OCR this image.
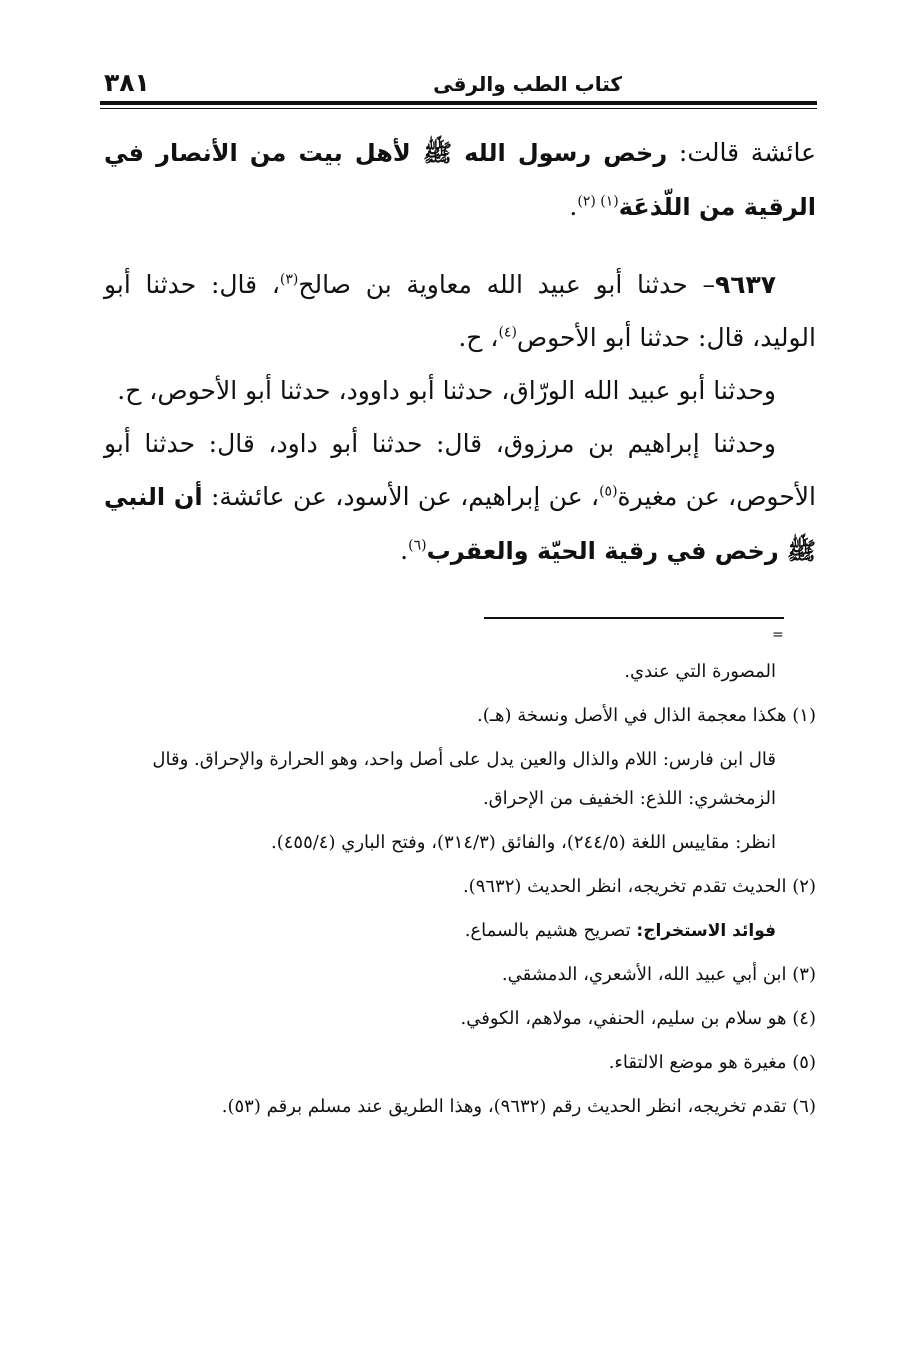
كتاب الطب والرقى
٣٨١

عائشة قالت: رخص رسول الله ﷺ لأهل بيت من الأنصار في الرقية من اللّذعَة$^{(١) (٢)}$.

٩٦٣٧– حدثنا أبو عبيد الله معاوية بن صالح$^{(٣)}$، قال: حدثنا أبو الوليد، قال: حدثنا أبو الأحوص$^{(٤)}$، ح.

وحدثنا أبو عبيد الله الورّاق، حدثنا أبو داوود، حدثنا أبو الأحوص، ح.

وحدثنا إبراهيم بن مرزوق، قال: حدثنا أبو داود، قال: حدثنا أبو الأحوص، عن مغيرة$^{(٥)}$، عن إبراهيم، عن الأسود، عن عائشة: أن النبي ﷺ رخص في رقية الحيّة والعقرب$^{(٦)}$.

=

المصورة التي عندي.

(١) هكذا معجمة الذال في الأصل ونسخة (هـ).

قال ابن فارس: اللام والذال والعين يدل على أصل واحد، وهو الحرارة والإحراق. وقال الزمخشري: اللذع: الخفيف من الإحراق.

انظر: مقاييس اللغة (٢٤٤/٥)، والفائق (٣١٤/٣)، وفتح الباري (٤٥٥/٤).

(٢) الحديث تقدم تخريجه، انظر الحديث (٩٦٣٢).

فوائد الاستخراج: تصريح هشيم بالسماع.

(٣) ابن أبي عبيد الله، الأشعري، الدمشقي.

(٤) هو سلام بن سليم، الحنفي، مولاهم، الكوفي.

(٥) مغيرة هو موضع الالتقاء.

(٦) تقدم تخريجه، انظر الحديث رقم (٩٦٣٢)، وهذا الطريق عند مسلم برقم (٥٣).
